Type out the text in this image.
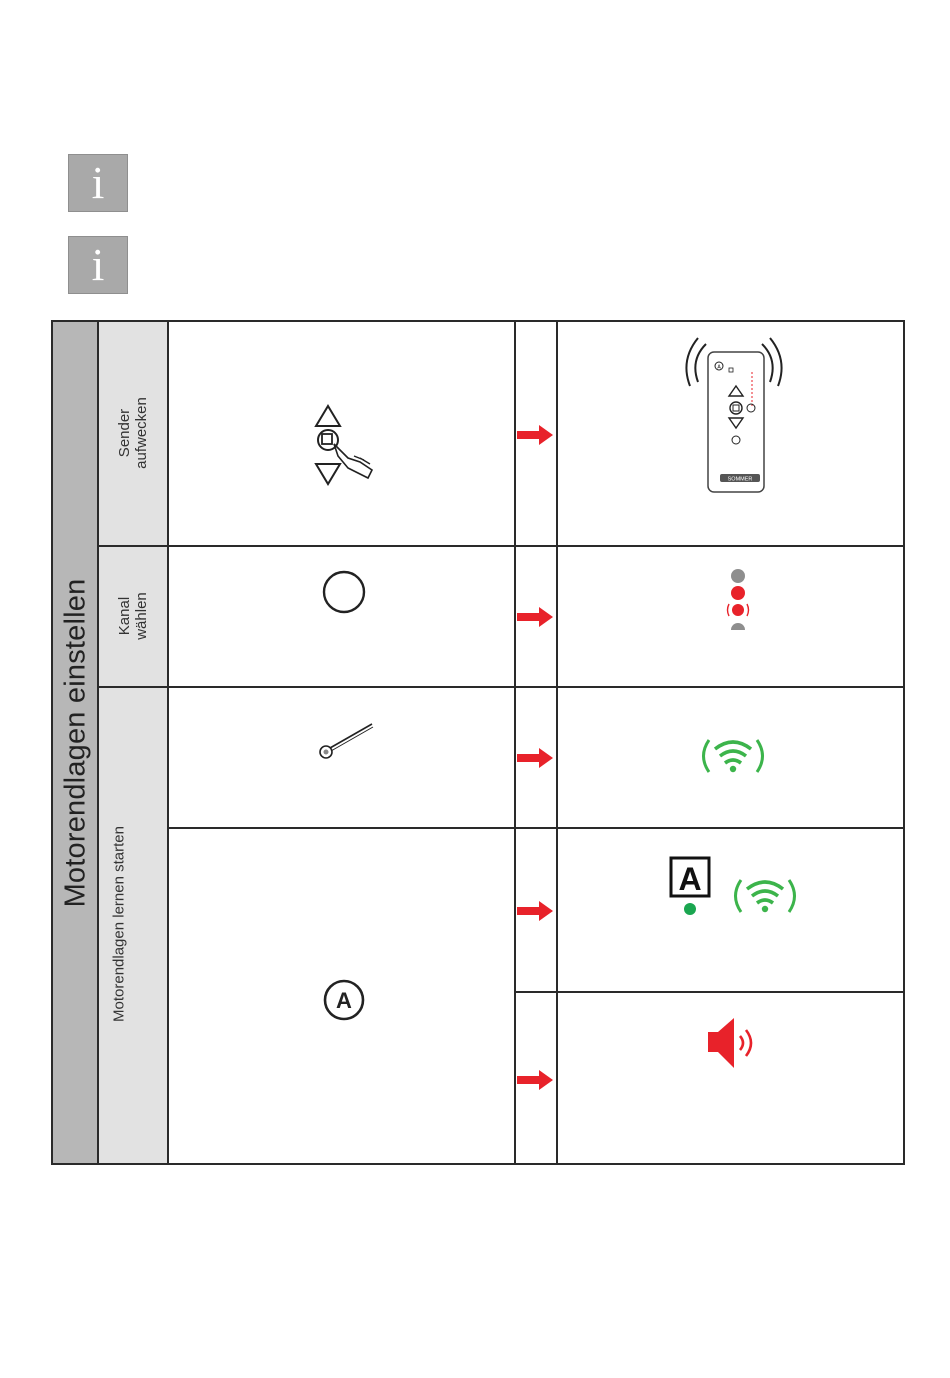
i
i
Motorendlagen einstellen
Sender aufwecken
Kanal wählen
Motorendlagen lernen starten
A
SOMMER
A
A
